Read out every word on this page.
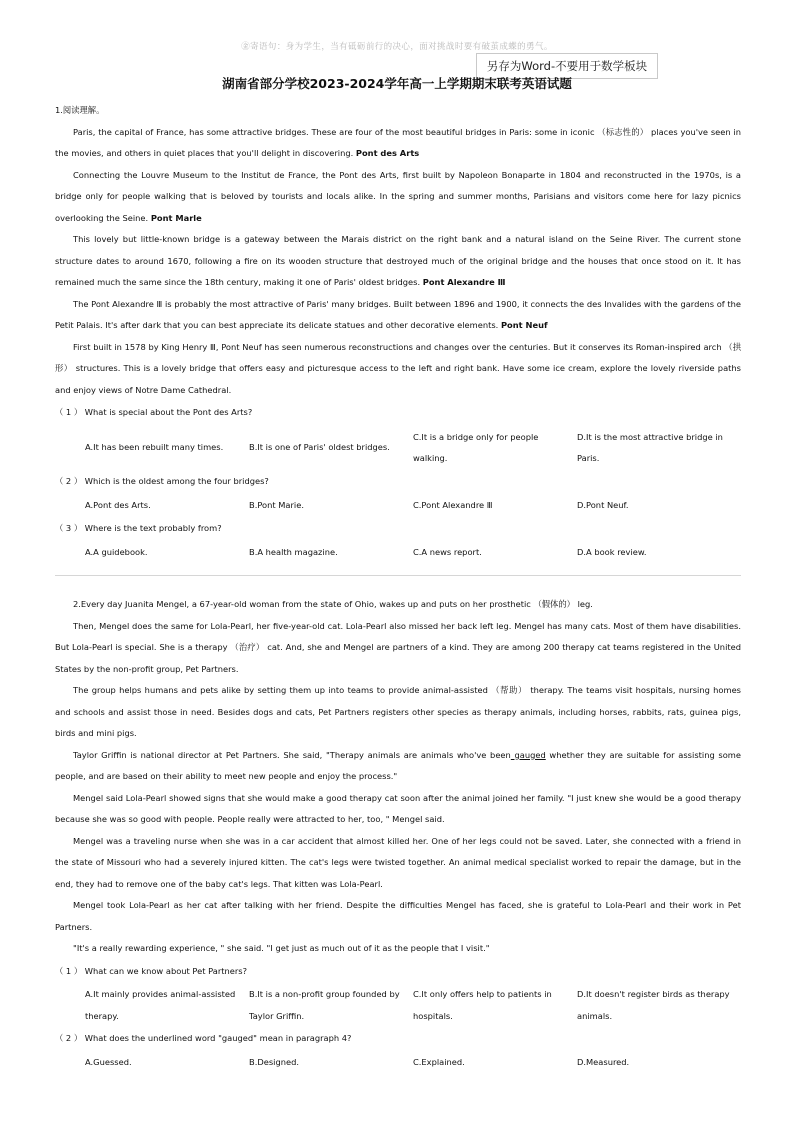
㊎寄语句：身为学生，当有砥砺前行的决心，面对挑战时要有破茧成蝶的勇气。
另存为Word-不要用于数学板块
湖南省部分学校2023-2024学年高一上学期期末联考英语试题
1.阅读理解。
Paris, the capital of France, has some attractive bridges. These are four of the most beautiful bridges in Paris: some in iconic （标志性的） places you've seen in the movies, and others in quiet places that you'll delight in discovering. Pont des Arts
Connecting the Louvre Museum to the Institut de France, the Pont des Arts, first built by Napoleon Bonaparte in 1804 and reconstructed in the 1970s, is a bridge only for people walking that is beloved by tourists and locals alike. In the spring and summer months, Parisians and visitors come here for lazy picnics overlooking the Seine. Pont Marle
This lovely but little-known bridge is a gateway between the Marais district on the right bank and a natural island on the Seine River. The current stone structure dates to around 1670, following a fire on its wooden structure that destroyed much of the original bridge and the houses that once stood on it. It has remained much the same since the 18th century, making it one of Paris' oldest bridges. Pont Alexandre Ⅲ
The Pont Alexandre Ⅲ is probably the most attractive of Paris' many bridges. Built between 1896 and 1900, it connects the des Invalides with the gardens of the Petit Palais. It's after dark that you can best appreciate its delicate statues and other decorative elements. Pont Neuf
First built in 1578 by King Henry Ⅲ, Pont Neuf has seen numerous reconstructions and changes over the centuries. But it conserves its Roman-inspired arch （拱形） structures. This is a lovely bridge that offers easy and picturesque access to the left and right bank. Have some ice cream, explore the lovely riverside paths and enjoy views of Notre Dame Cathedral.
（ 1 ） What is special about the Pont des Arts?
A.It has been rebuilt many times.	B.It is one of Paris' oldest bridges.
C.It is a bridge only for people walking.
D.It is the most attractive bridge in Paris.
（ 2 ） Which is the oldest among the four bridges?
A.Pont des Arts.	B.Pont Marie.	C.Pont Alexandre Ⅲ	D.Pont Neuf.
（ 3 ） Where is the text probably from?
A.A guidebook.	B.A health magazine.	C.A news report.	D.A book review.
2.Every day Juanita Mengel, a 67-year-old woman from the state of Ohio, wakes up and puts on her prosthetic （假体的） leg.
Then, Mengel does the same for Lola-Pearl, her five-year-old cat. Lola-Pearl also missed her back left leg. Mengel has many cats. Most of them have disabilities. But Lola-Pearl is special. She is a therapy （治疗） cat. And, she and Mengel are partners of a kind. They are among 200 therapy cat teams registered in the United States by the non-profit group, Pet Partners.
The group helps humans and pets alike by setting them up into teams to provide animal-assisted （帮助） therapy. The teams visit hospitals, nursing homes and schools and assist those in need. Besides dogs and cats, Pet Partners registers other species as therapy animals, including horses, rabbits, rats, guinea pigs, birds and mini pigs.
Taylor Griffin is national director at Pet Partners. She said, "Therapy animals are animals who've been gauged whether they are suitable for assisting some people, and are based on their ability to meet new people and enjoy the process."
Mengel said Lola-Pearl showed signs that she would make a good therapy cat soon after the animal joined her family. "I just knew she would be a good therapy because she was so good with people. People really were attracted to her, too, " Mengel said.
Mengel was a traveling nurse when she was in a car accident that almost killed her. One of her legs could not be saved. Later, she connected with a friend in the state of Missouri who had a severely injured kitten. The cat's legs were twisted together. An animal medical specialist worked to repair the damage, but in the end, they had to remove one of the baby cat's legs. That kitten was Lola-Pearl.
Mengel took Lola-Pearl as her cat after talking with her friend. Despite the difficulties Mengel has faced, she is grateful to Lola-Pearl and their work in Pet Partners.
"It's a really rewarding experience, " she said. "I get just as much out of it as the people that I visit."
（ 1 ） What can we know about Pet Partners?
A.It mainly provides animal-assisted therapy.
B.It is a non-profit group founded by Taylor Griffin.
C.It only offers help to patients in hospitals.
D.It doesn't register birds as therapy animals.
（ 2 ） What does the underlined word "gauged" mean in paragraph 4?
A.Guessed.	B.Designed.	C.Explained.	D.Measured.
